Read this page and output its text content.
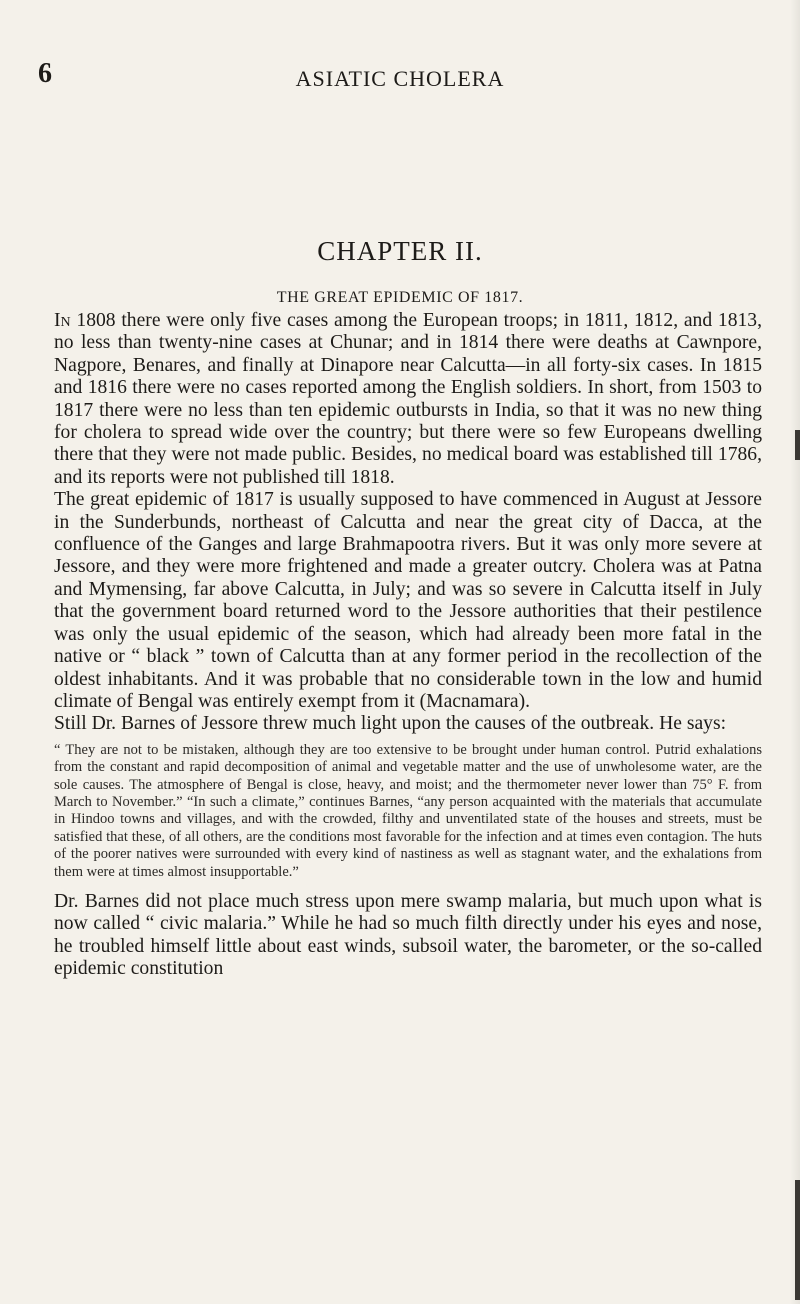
6	ASIATIC CHOLERA
CHAPTER II.
THE GREAT EPIDEMIC OF 1817.

In 1808 there were only five cases among the European troops; in 1811, 1812, and 1813, no less than twenty-nine cases at Chunar; and in 1814 there were deaths at Cawnpore, Nagpore, Benares, and finally at Dinapore near Calcutta—in all forty-six cases. In 1815 and 1816 there were no cases reported among the English soldiers. In short, from 1503 to 1817 there were no less than ten epidemic outbursts in India, so that it was no new thing for cholera to spread wide over the country; but there were so few Europeans dwelling there that they were not made public. Besides, no medical board was established till 1786, and its reports were not published till 1818.

The great epidemic of 1817 is usually supposed to have commenced in August at Jessore in the Sunderbunds, northeast of Calcutta and near the great city of Dacca, at the confluence of the Ganges and large Brahmapootra rivers. But it was only more severe at Jessore, and they were more frightened and made a greater outcry. Cholera was at Patna and Mymensing, far above Calcutta, in July; and was so severe in Calcutta itself in July that the government board returned word to the Jessore authorities that their pestilence was only the usual epidemic of the season, which had already been more fatal in the native or “ black ” town of Calcutta than at any former period in the recollection of the oldest inhabitants. And it was probable that no considerable town in the low and humid climate of Bengal was entirely exempt from it (Macnamara).

Still Dr. Barnes of Jessore threw much light upon the causes of the outbreak. He says:

“ They are not to be mistaken, although they are too extensive to be brought under human control. Putrid exhalations from the constant and rapid decomposition of animal and vegetable matter and the use of unwholesome water, are the sole causes. The atmosphere of Bengal is close, heavy, and moist; and the thermometer never lower than 75° F. from March to November.” “In such a climate,” continues Barnes, “any person acquainted with the materials that accumulate in Hindoo towns and villages, and with the crowded, filthy and unventilated state of the houses and streets, must be satisfied that these, of all others, are the conditions most favorable for the infection and at times even contagion. The huts of the poorer natives were surrounded with every kind of nastiness as well as stagnant water, and the exhalations from them were at times almost insupportable.”

Dr. Barnes did not place much stress upon mere swamp malaria, but much upon what is now called “ civic malaria.” While he had so much filth directly under his eyes and nose, he troubled himself little about east winds, subsoil water, the barometer, or the so-called epidemic constitution
